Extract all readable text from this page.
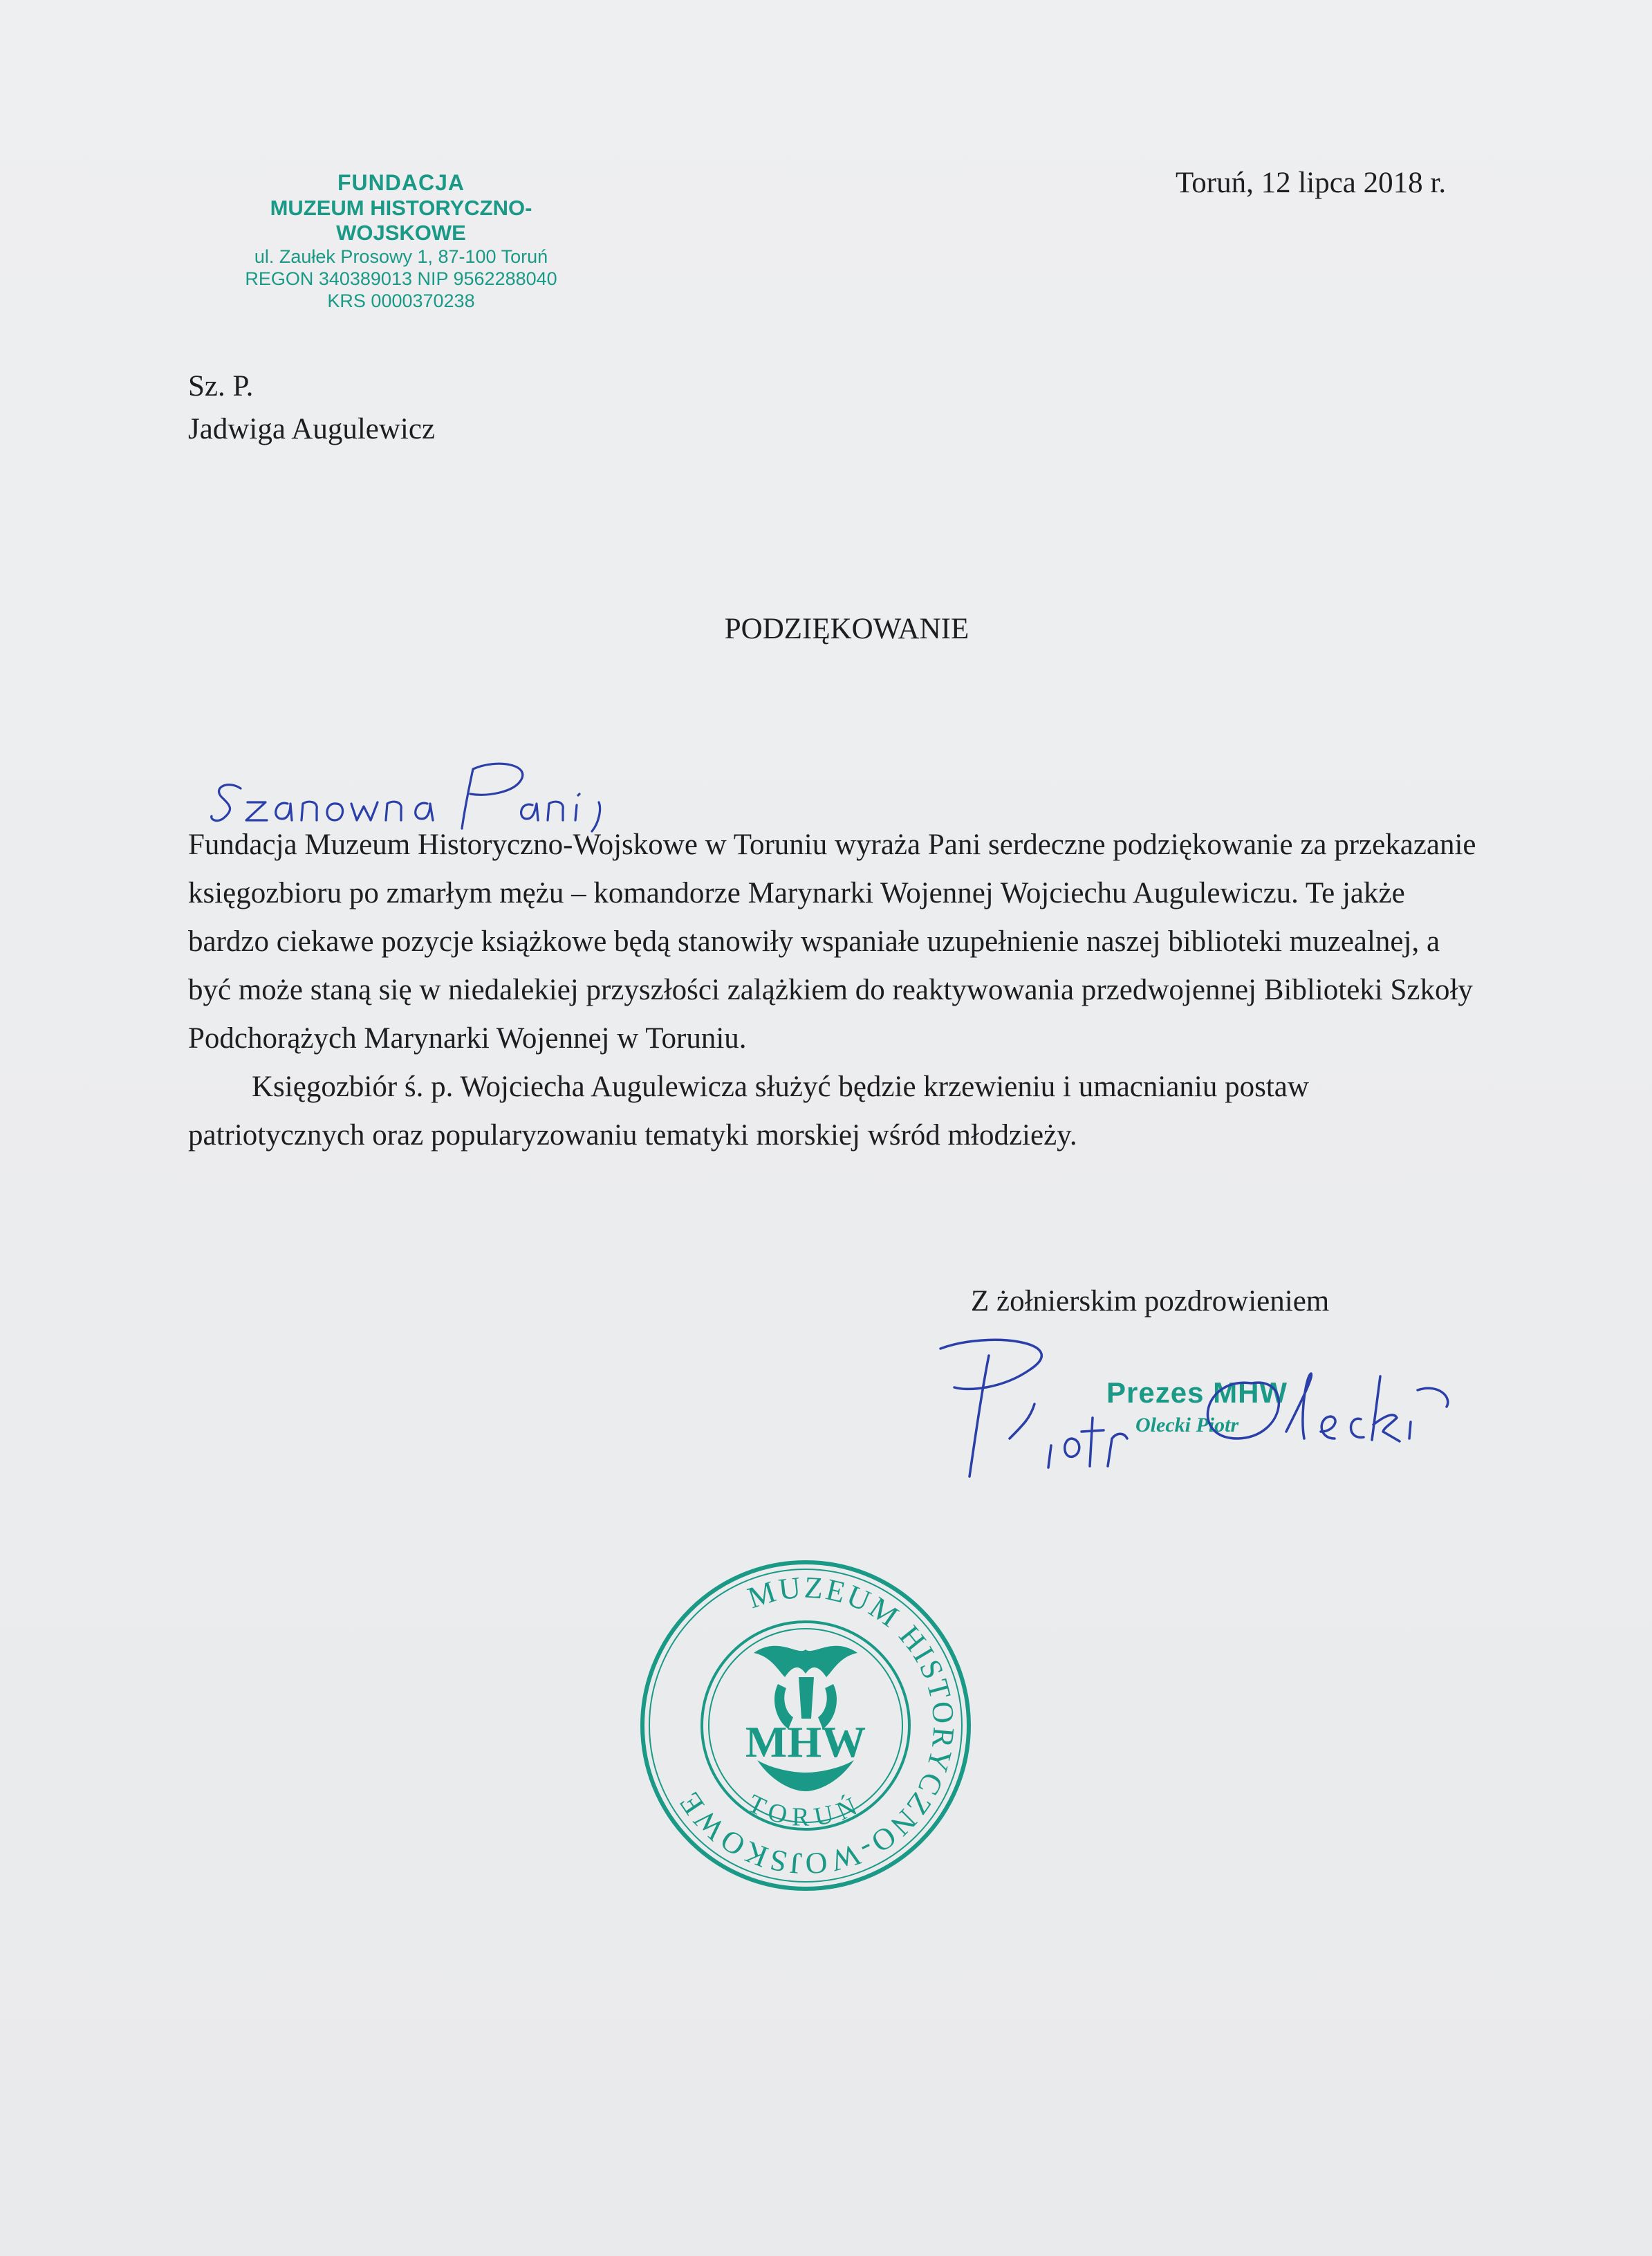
FUNDACJA
MUZEUM HISTORYCZNO-WOJSKOWE
ul. Zaułek Prosowy 1, 87-100 Toruń
REGON 340389013 NIP 9562288040
KRS 0000370238
Toruń, 12 lipca 2018 r.
Sz. P.
Jadwiga Augulewicz
PODZIĘKOWANIE

Fundacja Muzeum Historyczno-Wojskowe w Toruniu wyraża Pani serdeczne podziękowanie za przekazanie księgozbioru po zmarłym mężu – komandorze Marynarki Wojennej Wojciechu Augulewiczu. Te jakże bardzo ciekawe pozycje książkowe będą stanowiły wspaniałe uzupełnienie naszej biblioteki muzealnej, a być może staną się w niedalekiej przyszłości zalążkiem do reaktywowania przedwojennej Biblioteki Szkoły Podchorążych Marynarki Wojennej w Toruniu.

Księgozbiór ś. p. Wojciecha Augulewicza służyć będzie krzewieniu i umacnianiu postaw patriotycznych oraz popularyzowaniu tematyki morskiej wśród młodzieży.

Z żołnierskim pozdrowieniem
Prezes MHW
Olecki Piotr
MUZEUM HISTORYCZNO-WOJSKOWE	TORUŃ
MHW
